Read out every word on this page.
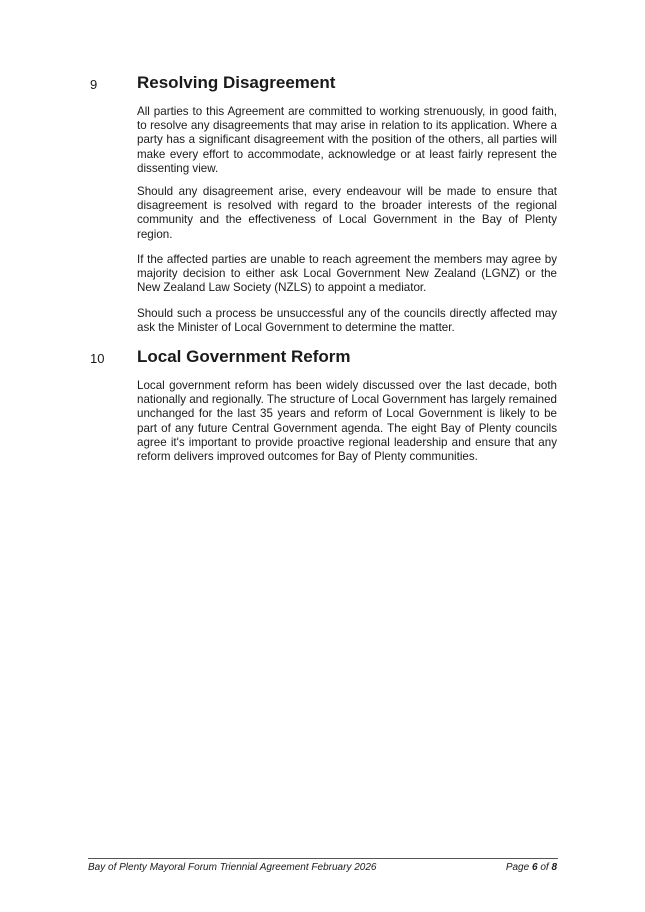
9 Resolving Disagreement

All parties to this Agreement are committed to working strenuously, in good faith, to resolve any disagreements that may arise in relation to its application. Where a party has a significant disagreement with the position of the others, all parties will make every effort to accommodate, acknowledge or at least fairly represent the dissenting view.

Should any disagreement arise, every endeavour will be made to ensure that disagreement is resolved with regard to the broader interests of the regional community and the effectiveness of Local Government in the Bay of Plenty region.

If the affected parties are unable to reach agreement the members may agree by majority decision to either ask Local Government New Zealand (LGNZ) or the New Zealand Law Society (NZLS) to appoint a mediator.

Should such a process be unsuccessful any of the councils directly affected may ask the Minister of Local Government to determine the matter.

10 Local Government Reform

Local government reform has been widely discussed over the last decade, both nationally and regionally. The structure of Local Government has largely remained unchanged for the last 35 years and reform of Local Government is likely to be part of any future Central Government agenda. The eight Bay of Plenty councils agree it's important to provide proactive regional leadership and ensure that any reform delivers improved outcomes for Bay of Plenty communities.

Bay of Plenty Mayoral Forum Triennial Agreement February 2026	Page 6 of 8
